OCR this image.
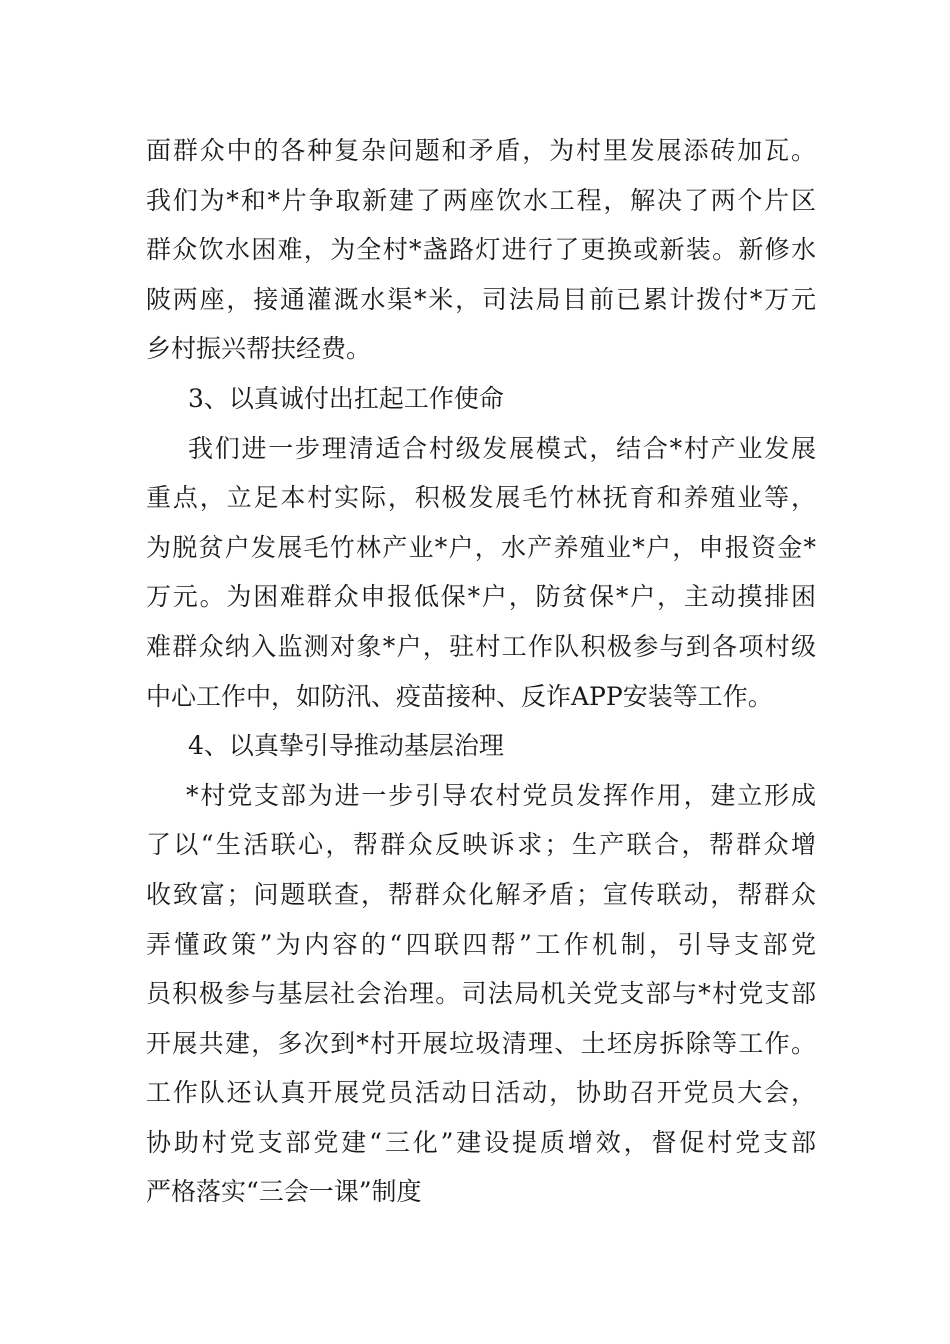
面群众中的各种复杂问题和矛盾，为村里发展添砖加瓦。
我们为*和*片争取新建了两座饮水工程，解决了两个片区
群众饮水困难，为全村*盏路灯进行了更换或新装。新修水
陂两座，接通灌溉水渠*米，司法局目前已累计拨付*万元
乡村振兴帮扶经费。
3、以真诚付出扛起工作使命
我们进一步理清适合村级发展模式，结合*村产业发展
重点，立足本村实际，积极发展毛竹林抚育和养殖业等，
为脱贫户发展毛竹林产业*户，水产养殖业*户，申报资金*
万元。为困难群众申报低保*户，防贫保*户，主动摸排困
难群众纳入监测对象*户，驻村工作队积极参与到各项村级
中心工作中，如防汛、疫苗接种、反诈APP安装等工作。
4、以真挚引导推动基层治理
*村党支部为进一步引导农村党员发挥作用，建立形成
了以“生活联心，帮群众反映诉求；生产联合，帮群众增
收致富；问题联查，帮群众化解矛盾；宣传联动，帮群众
弄懂政策”为内容的“四联四帮”工作机制，引导支部党
员积极参与基层社会治理。司法局机关党支部与*村党支部
开展共建，多次到*村开展垃圾清理、土坯房拆除等工作。
工作队还认真开展党员活动日活动，协助召开党员大会，
协助村党支部党建“三化”建设提质增效，督促村党支部
严格落实“三会一课”制度
